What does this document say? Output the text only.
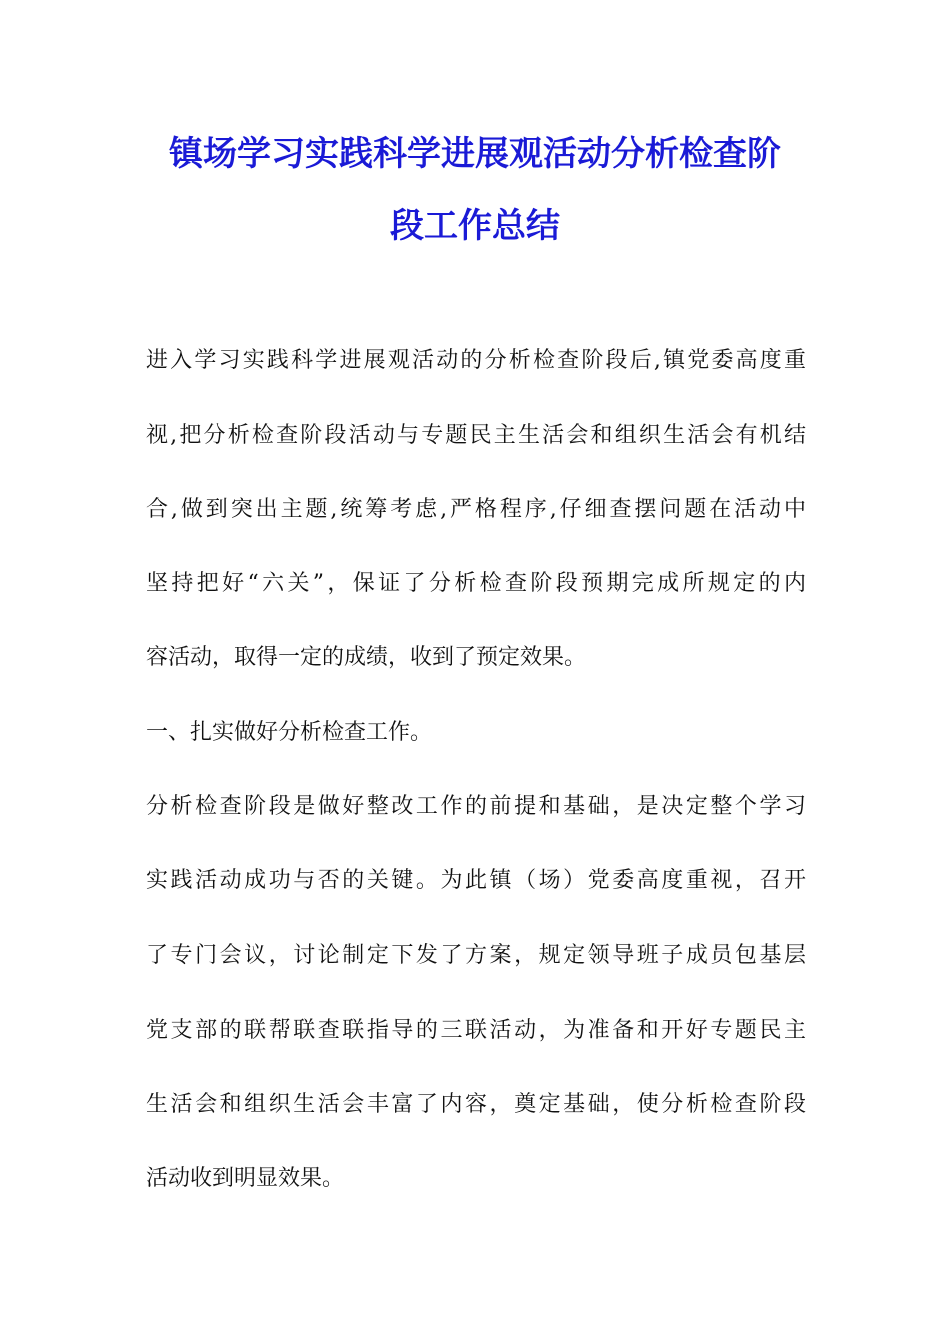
镇场学习实践科学进展观活动分析检查阶
段工作总结
进入学习实践科学进展观活动的分析检查阶段后,镇党委高度重
视,把分析检查阶段活动与专题民主生活会和组织生活会有机结
合,做到突出主题,统筹考虑,严格程序,仔细查摆问题在活动中
坚持把好“六关”，保证了分析检查阶段预期完成所规定的内
容活动，取得一定的成绩，收到了预定效果。
一、扎实做好分析检查工作。
分析检查阶段是做好整改工作的前提和基础，是决定整个学习
实践活动成功与否的关键。为此镇（场）党委高度重视，召开
了专门会议，讨论制定下发了方案，规定领导班子成员包基层
党支部的联帮联查联指导的三联活动，为准备和开好专题民主
生活会和组织生活会丰富了内容，奠定基础，使分析检查阶段
活动收到明显效果。
